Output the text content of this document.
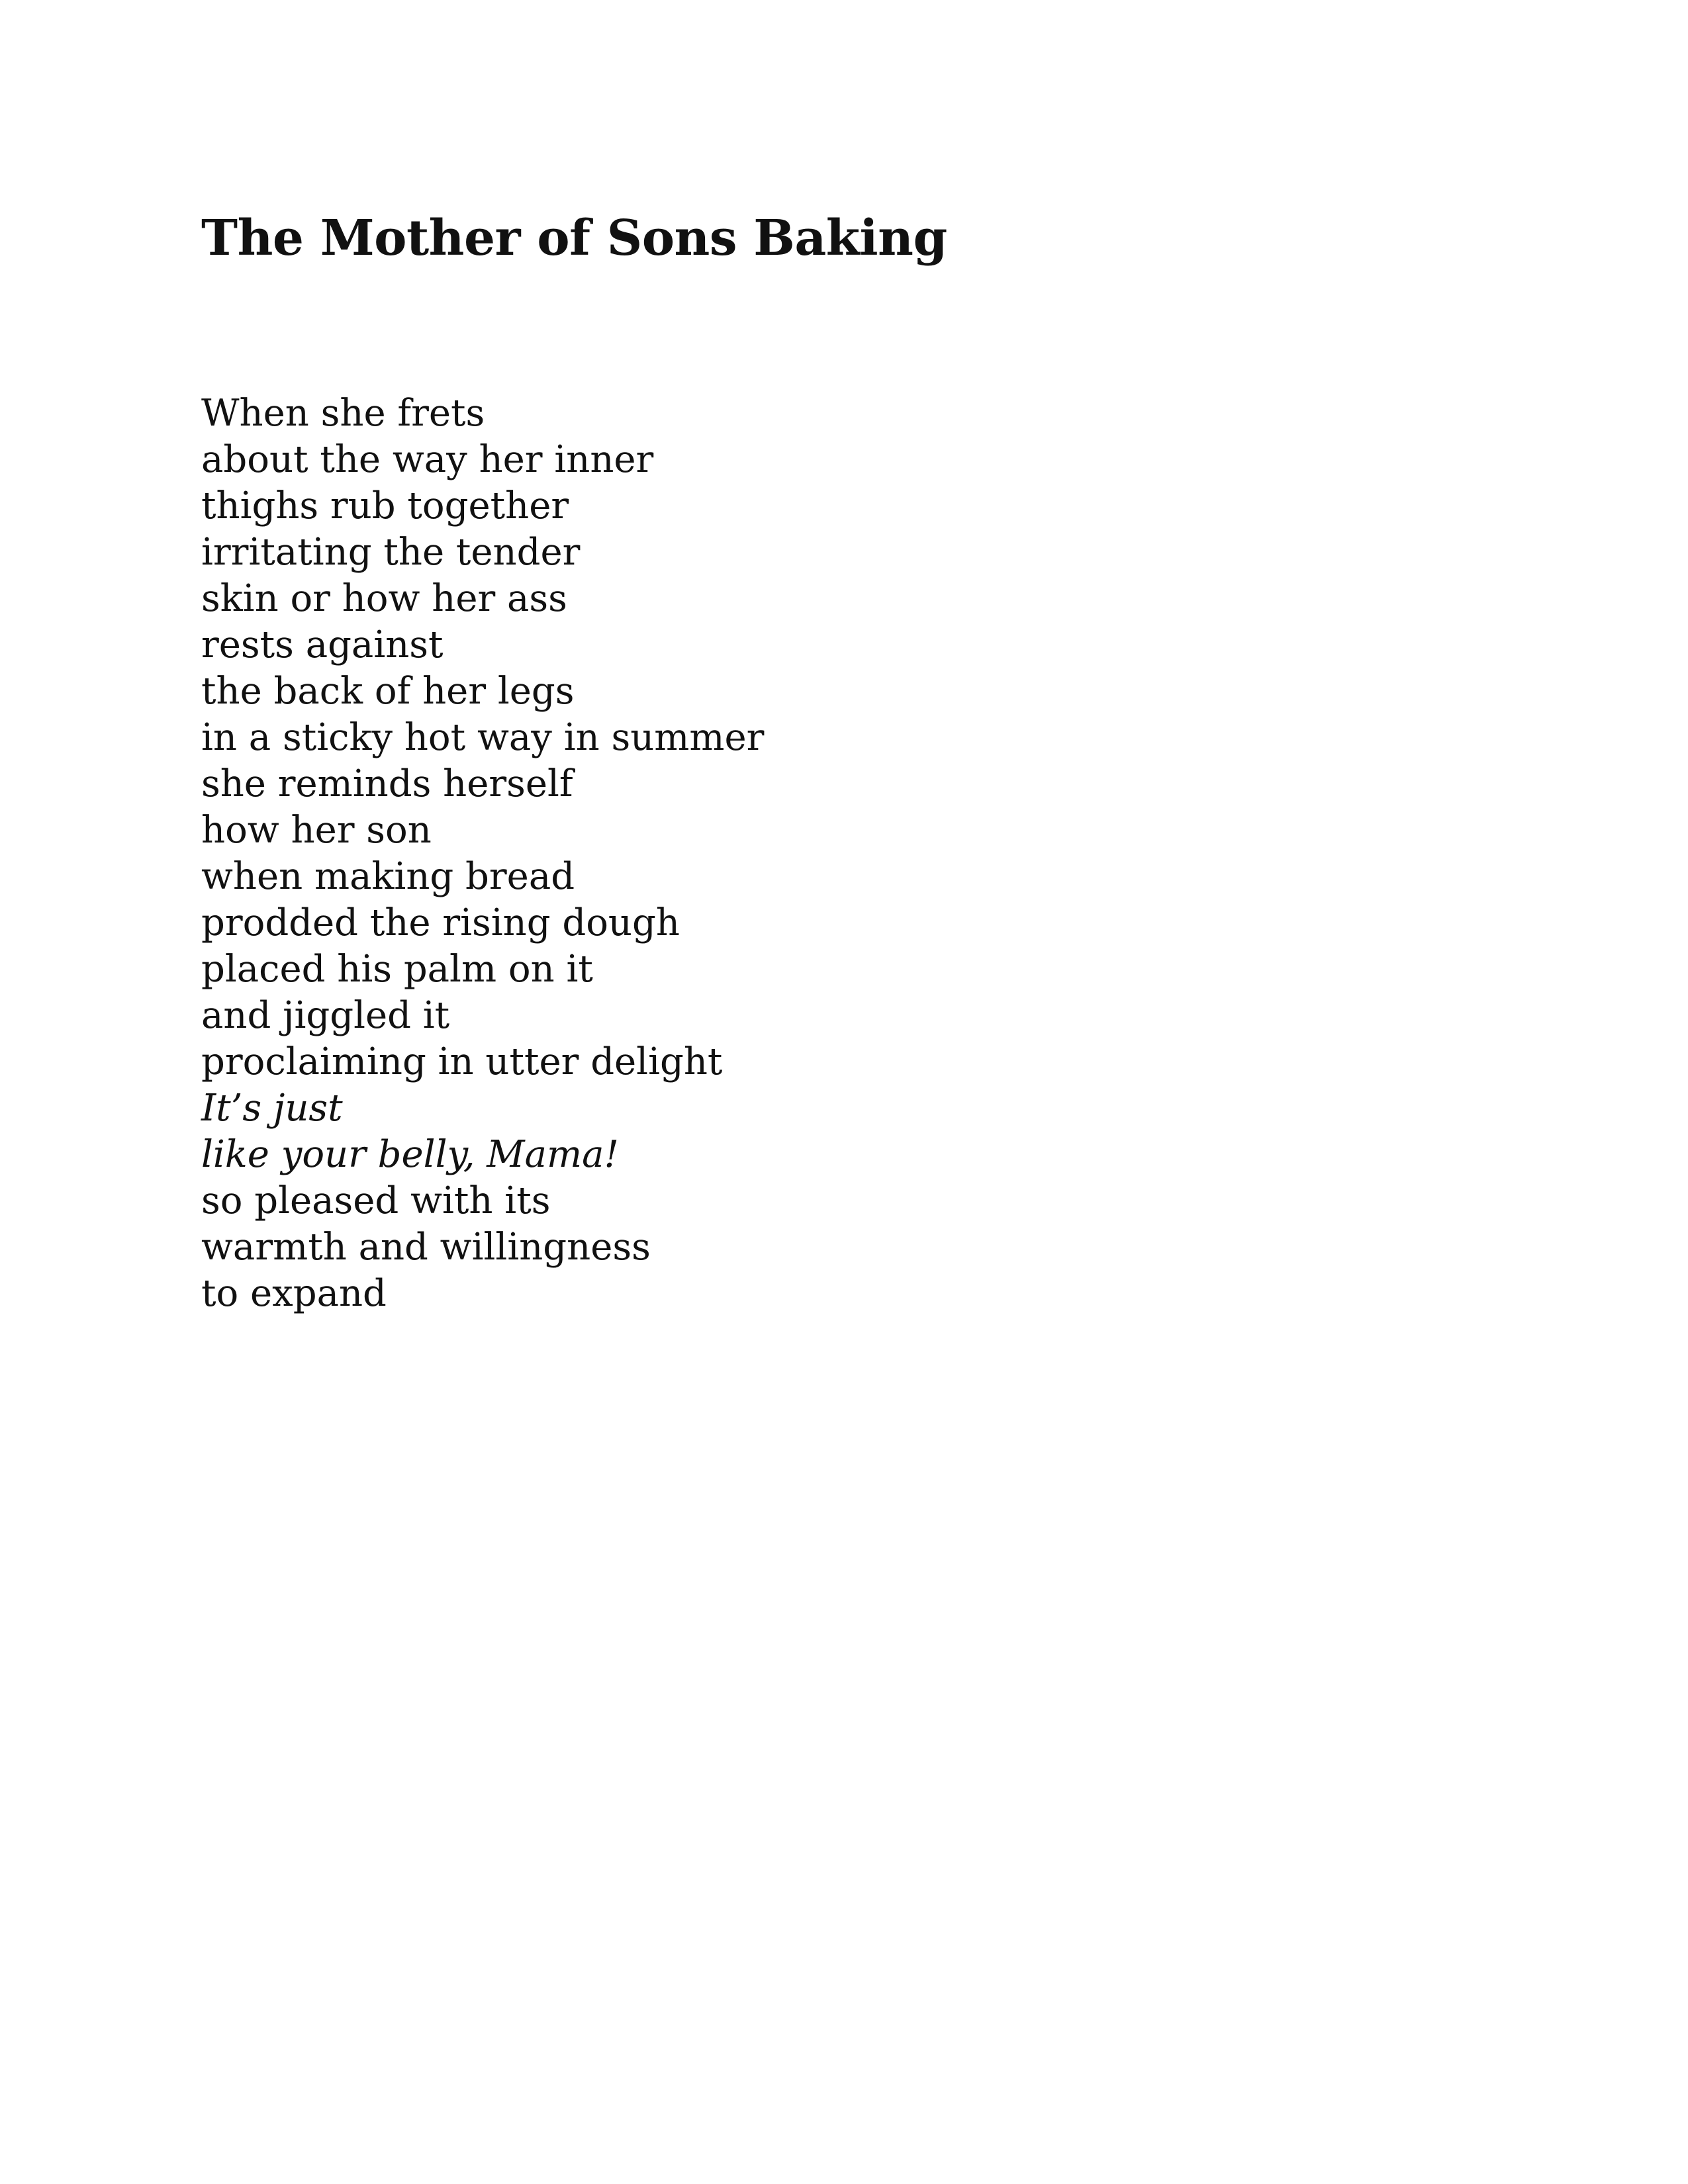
The Mother of Sons Baking
When she frets
about the way her inner
thighs rub together
irritating the tender
skin or how her ass
rests against
the back of her legs
in a sticky hot way in summer
she reminds herself
how her son
when making bread
prodded the rising dough
placed his palm on it
and jiggled it
proclaiming in utter delight
It’s just
like your belly, Mama!
so pleased with its
warmth and willingness
to expand
